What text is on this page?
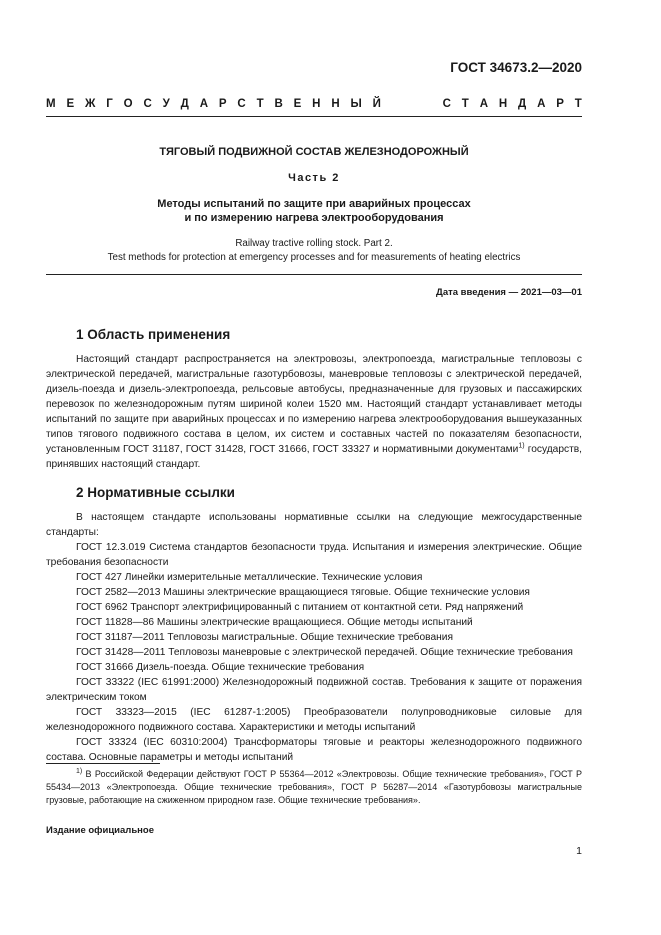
ГОСТ 34673.2—2020
М Е Ж Г О С У Д А Р С Т В Е Н Н Ы Й	С Т А Н Д А Р Т
ТЯГОВЫЙ ПОДВИЖНОЙ СОСТАВ ЖЕЛЕЗНОДОРОЖНЫЙ
Часть 2
Методы испытаний по защите при аварийных процессах
и по измерению нагрева электрооборудования
Railway tractive rolling stock. Part 2.
Test methods for protection at emergency processes and for measurements of heating electrics
Дата введения — 2021—03—01
1 Область применения

Настоящий стандарт распространяется на электровозы, электропоезда, магистральные тепловозы с электрической передачей, магистральные газотурбовозы, маневровые тепловозы с электрической передачей, дизель-поезда и дизель-электропоезда, рельсовые автобусы, предназначенные для грузовых и пассажирских перевозок по железнодорожным путям шириной колеи 1520 мм. Настоящий стандарт устанавливает методы испытаний по защите при аварийных процессах и по измерению нагрева электрооборудования вышеуказанных типов тягового подвижного состава в целом, их систем и составных частей по показателям безопасности, установленным ГОСТ 31187, ГОСТ 31428, ГОСТ 31666, ГОСТ 33327 и нормативными документами$^{1)}$ государств, принявших настоящий стандарт.

2 Нормативные ссылки

В настоящем стандарте использованы нормативные ссылки на следующие межгосударственные стандарты:

ГОСТ 12.3.019 Система стандартов безопасности труда. Испытания и измерения электрические. Общие требования безопасности

ГОСТ 427 Линейки измерительные металлические. Технические условия

ГОСТ 2582—2013 Машины электрические вращающиеся тяговые. Общие технические условия

ГОСТ 6962 Транспорт электрифицированный с питанием от контактной сети. Ряд напряжений

ГОСТ 11828—86 Машины электрические вращающиеся. Общие методы испытаний

ГОСТ 31187—2011 Тепловозы магистральные. Общие технические требования

ГОСТ 31428—2011 Тепловозы маневровые с электрической передачей. Общие технические требования

ГОСТ 31666 Дизель-поезда. Общие технические требования

ГОСТ 33322 (IEC 61991:2000) Железнодорожный подвижной состав. Требования к защите от поражения электрическим током

ГОСТ 33323—2015 (IEC 61287-1:2005) Преобразователи полупроводниковые силовые для железнодорожного подвижного состава. Характеристики и методы испытаний

ГОСТ 33324 (IEC 60310:2004) Трансформаторы тяговые и реакторы железнодорожного подвижного состава. Основные параметры и методы испытаний

$^{1)}$ В Российской Федерации действуют ГОСТ Р 55364—2012 «Электровозы. Общие технические требования», ГОСТ Р 55434—2013 «Электропоезда. Общие технические требования», ГОСТ Р 56287—2014 «Газотурбовозы магистральные грузовые, работающие на сжиженном природном газе. Общие технические требования».

Издание официальное
1
